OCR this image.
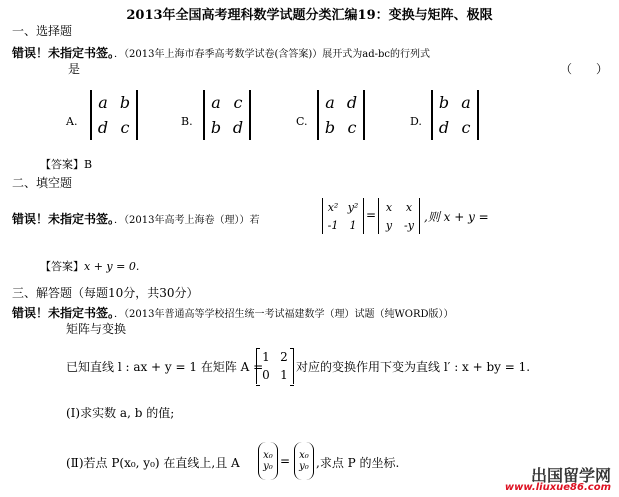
2013年全国高考理科数学试题分类汇编19：变换与矩阵、极限
一、选择题
错误！未指定书签。．（2013年上海市春季高考数学试卷(含答案)）展开式为ad-bc的行列式
是	（　　）
A.
a b
d c	B.
a c
b d	C.
a d
b c	D.
b a
d c
【答案】B
二、填空题
错误！未指定书签。．（2013年高考上海卷（理））若
x² y²
-1 1
=
x x
y -y
,则 x + y =
【答案】x + y = 0.
三、解答题（每题10分，共30分）
错误！未指定书签。．（2013年普通高等学校招生统一考试福建数学（理）试题（纯WORD版））
矩阵与变换
已知直线 l : ax + y = 1 在矩阵 A =
1 2
0 1
对应的变换作用下变为直线 l′ : x + by = 1.
(Ⅰ)求实数 a, b 的值;
(Ⅱ)若点 P(x₀, y₀) 在直线上,且 A
x₀
y₀ = x₀
y₀ ,求点 P 的坐标.
出国留学网
www.liuxue86.com
